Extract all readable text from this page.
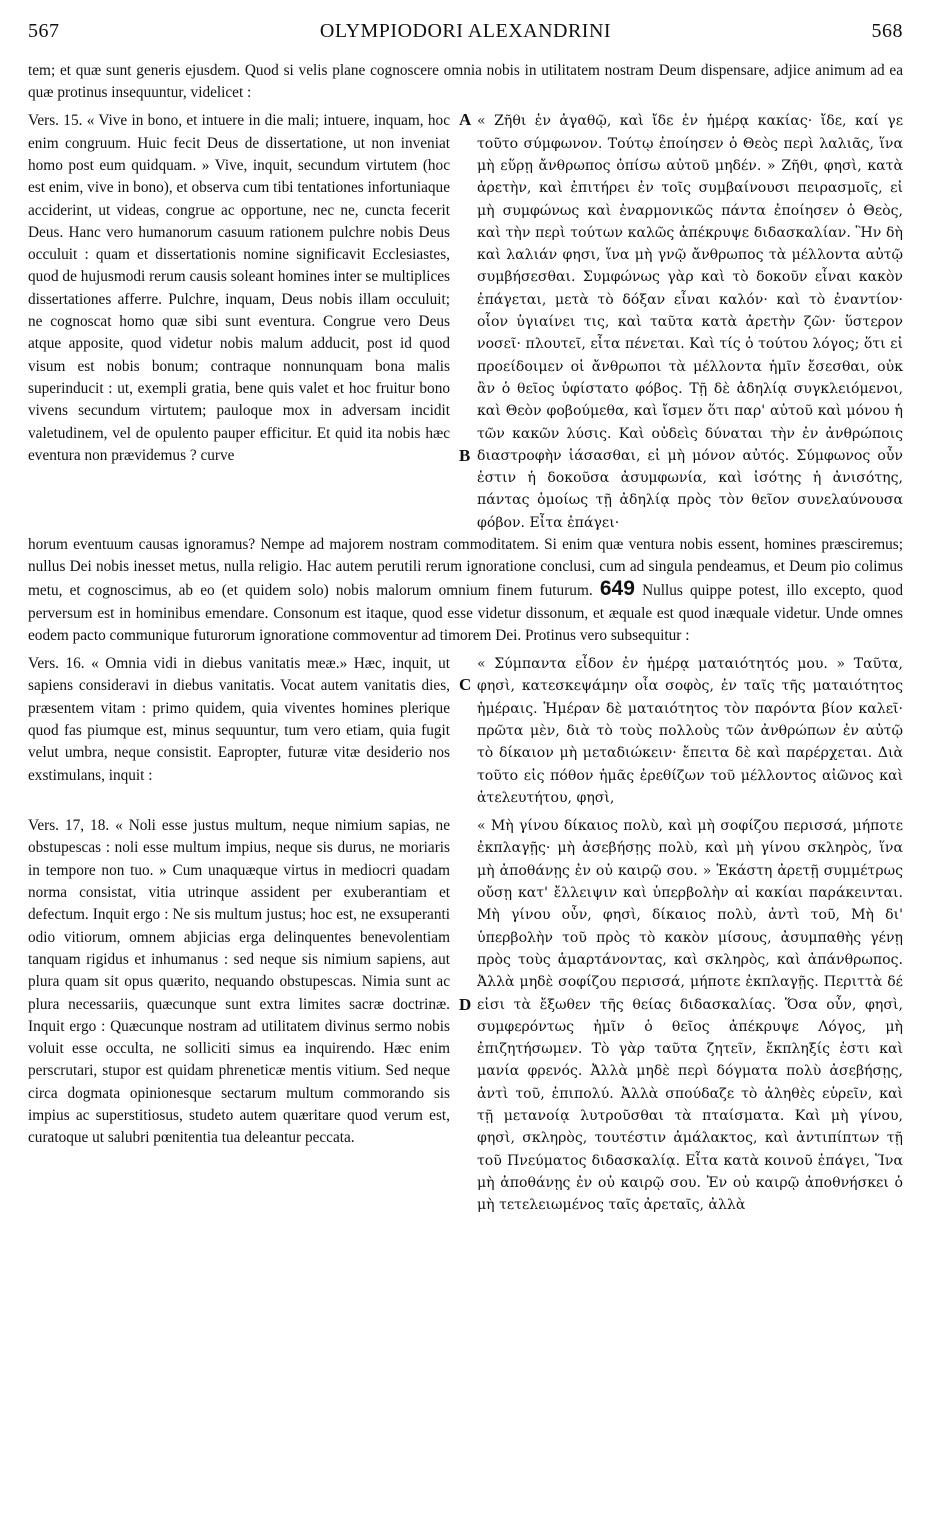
567	OLYMPIODORI ALEXANDRINI	568

tem; et quæ sunt generis ejusdem. Quod si velis plane cognoscere omnia nobis in utilitatem nostram Deum dispensare, adjice animum ad ea quæ protinus insequuntur, videlicet :

A
B

Vers. 15. « Vive in bono, et intuere in die mali; intuere, inquam, hoc enim congruum. Huic fecit Deus de dissertatione, ut non inveniat homo post eum quidquam. » Vive, inquit, secundum virtutem (hoc est enim, vive in bono), et observa cum tibi tentationes infortuniaque acciderint, ut videas, congrue ac opportune, nec ne, cuncta fecerit Deus. Hanc vero humanorum casuum rationem pulchre nobis Deus occuluit : quam et dissertationis nomine significavit Ecclesiastes, quod de hujusmodi rerum causis soleant homines inter se multiplices dissertationes afferre. Pulchre, inquam, Deus nobis illam occuluit; ne cognoscat homo quæ sibi sunt eventura. Congrue vero Deus atque apposite, quod videtur nobis malum adducit, post id quod visum est nobis bonum; contraque nonnunquam bona malis superinducit : ut, exempli gratia, bene quis valet et hoc fruitur bono vivens secundum virtutem; pauloque mox in adversam incidit valetudinem, vel de opulento pauper efficitur. Et quid ita nobis hæc eventura non prævidemus ? curve

« Ζῆθι ἐν ἀγαθῷ, καὶ ἴδε ἐν ἡμέρᾳ κακίας· ἴδε, καί γε τοῦτο σύμφωνον. Τούτῳ ἐποίησεν ὁ Θεὸς περὶ λαλιᾶς, ἵνα μὴ εὕρῃ ἄνθρωπος ὀπίσω αὐτοῦ μηδέν. » Ζῆθι, φησὶ, κατὰ ἀρετὴν, καὶ ἐπιτήρει ἐν τοῖς συμβαίνουσι πειρασμοῖς, εἰ μὴ συμφώνως καὶ ἐναρμονικῶς πάντα ἐποίησεν ὁ Θεὸς, καὶ τὴν περὶ τούτων καλῶς ἀπέκρυψε διδασκαλίαν. Ἣν δὴ καὶ λαλιάν φησι, ἵνα μὴ γνῷ ἄνθρωπος τὰ μέλλοντα αὐτῷ συμβήσεσθαι. Συμφώνως γὰρ καὶ τὸ δοκοῦν εἶναι κακὸν ἐπάγεται, μετὰ τὸ δόξαν εἶναι καλόν· καὶ τὸ ἐναντίον· οἷον ὑγιαίνει τις, καὶ ταῦτα κατὰ ἀρετὴν ζῶν· ὕστερον νοσεῖ· πλουτεῖ, εἶτα πένεται. Καὶ τίς ὁ τούτου λόγος; ὅτι εἰ προείδοιμεν οἱ ἄνθρωποι τὰ μέλλοντα ἡμῖν ἔσεσθαι, οὐκ ἂν ὁ θεῖος ὑφίστατο φόβος. Τῇ δὲ ἀδηλίᾳ συγκλειόμενοι, καὶ Θεὸν φοβούμεθα, καὶ ἴσμεν ὅτι παρ' αὐτοῦ καὶ μόνου ἡ τῶν κακῶν λύσις. Καὶ οὐδεὶς δύναται τὴν ἐν ἀνθρώποις διαστροφὴν ἰάσασθαι, εἰ μὴ μόνον αὐτός. Σύμφωνος οὖν ἐστιν ἡ δοκοῦσα ἀσυμφωνία, καὶ ἰσότης ἡ ἀνισότης, πάντας ὁμοίως τῇ ἀδηλίᾳ πρὸς τὸν θεῖον συνελαύνουσα φόβον. Εἶτα ἐπάγει·

horum eventuum causas ignoramus? Nempe ad majorem nostram commoditatem. Si enim quæ ventura nobis essent, homines præsciremus; nullus Dei nobis inesset metus, nulla religio. Hac autem perutili rerum ignoratione conclusi, cum ad singula pendeamus, et Deum pio colimus metu, et cognoscimus, ab eo (et quidem solo) nobis malorum omnium finem futurum. 649 Nullus quippe potest, illo excepto, quod perversum est in hominibus emendare. Consonum est itaque, quod esse videtur dissonum, et æquale est quod inæquale videtur. Unde omnes eodem pacto communique futurorum ignoratione commoventur ad timorem Dei. Protinus vero subsequitur :

C

Vers. 16. « Omnia vidi in diebus vanitatis meæ.» Hæc, inquit, ut sapiens consideravi in diebus vanitatis. Vocat autem vanitatis dies, præsentem vitam : primo quidem, quia viventes homines plerique quod fas piumque est, minus sequuntur, tum vero etiam, quia fugit velut umbra, neque consistit. Eapropter, futuræ vitæ desiderio nos exstimulans, inquit :

« Σύμπαντα εἶδον ἐν ἡμέρᾳ ματαιότητός μου. » Ταῦτα, φησὶ, κατεσκεψάμην οἷα σοφὸς, ἐν ταῖς τῆς ματαιότητος ἡμέραις. Ἡμέραν δὲ ματαιότητος τὸν παρόντα βίον καλεῖ· πρῶτα μὲν, διὰ τὸ τοὺς πολλοὺς τῶν ἀνθρώπων ἐν αὐτῷ τὸ δίκαιον μὴ μεταδιώκειν· ἔπειτα δὲ καὶ παρέρχεται. Διὰ τοῦτο εἰς πόθον ἡμᾶς ἐρεθίζων τοῦ μέλλοντος αἰῶνος καὶ ἀτελευτήτου, φησὶ,

D

Vers. 17, 18. « Noli esse justus multum, neque nimium sapias, ne obstupescas : noli esse multum impius, neque sis durus, ne moriaris in tempore non tuo. » Cum unaquæque virtus in mediocri quadam norma consistat, vitia utrinque assident per exuberantiam et defectum. Inquit ergo : Ne sis multum justus; hoc est, ne exsuperanti odio vitiorum, omnem abjicias erga delinquentes benevolentiam tanquam rigidus et inhumanus : sed neque sis nimium sapiens, aut plura quam sit opus quærito, nequando obstupescas. Nimia sunt ac plura necessariis, quæcunque sunt extra limites sacræ doctrinæ. Inquit ergo : Quæcunque nostram ad utilitatem divinus sermo nobis voluit esse occulta, ne solliciti simus ea inquirendo. Hæc enim perscrutari, stupor est quidam phreneticæ mentis vitium. Sed neque circa dogmata opinionesque sectarum multum commorando sis impius ac superstitiosus, studeto autem quæritare quod verum est, curatoque ut salubri pœnitentia tua deleantur peccata.

« Μὴ γίνου δίκαιος πολὺ, καὶ μὴ σοφίζου περισσά, μήποτε ἐκπλαγῇς· μὴ ἀσεβήσῃς πολὺ, καὶ μὴ γίνου σκληρὸς, ἵνα μὴ ἀποθάνῃς ἐν οὐ καιρῷ σου. » Ἑκάστη ἀρετῇ συμμέτρως οὔσῃ κατ' ἔλλειψιν καὶ ὑπερβολὴν αἱ κακίαι παράκεινται. Μὴ γίνου οὖν, φησὶ, δίκαιος πολὺ, ἀντὶ τοῦ, Μὴ δι' ὑπερβολὴν τοῦ πρὸς τὸ κακὸν μίσους, ἀσυμπαθὴς γένῃ πρὸς τοὺς ἁμαρτάνοντας, καὶ σκληρὸς, καὶ ἀπάνθρωπος. Ἀλλὰ μηδὲ σοφίζου περισσά, μήποτε ἐκπλαγῇς. Περιττὰ δέ εἰσι τὰ ἔξωθεν τῆς θείας διδασκαλίας. Ὅσα οὖν, φησὶ, συμφερόντως ἡμῖν ὁ θεῖος ἀπέκρυψε Λόγος, μὴ ἐπιζητήσωμεν. Τὸ γὰρ ταῦτα ζητεῖν, ἔκπληξίς ἐστι καὶ μανία φρενός. Ἀλλὰ μηδὲ περὶ δόγματα πολὺ ἀσεβήσῃς, ἀντὶ τοῦ, ἐπιπολύ. Ἀλλὰ σπούδαζε τὸ ἀληθὲς εὑρεῖν, καὶ τῇ μετανοίᾳ λυτροῦσθαι τὰ πταίσματα. Καὶ μὴ γίνου, φησὶ, σκληρὸς, τουτέστιν ἀμάλακτος, καὶ ἀντιπίπτων τῇ τοῦ Πνεύματος διδασκαλίᾳ. Εἶτα κατὰ κοινοῦ ἐπάγει, Ἵνα μὴ ἀποθάνῃς ἐν οὐ καιρῷ σου. Ἐν οὐ καιρῷ ἀποθνήσκει ὁ μὴ τετελειωμένος ταῖς ἀρεταῖς, ἀλλὰ
